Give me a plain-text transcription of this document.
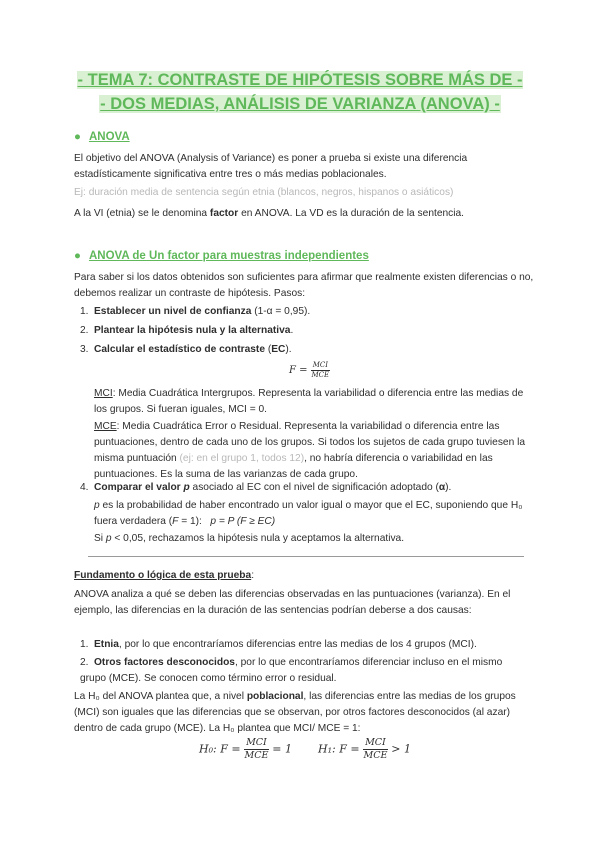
- TEMA 7: CONTRASTE DE HIPÓTESIS SOBRE MÁS DE -
- DOS MEDIAS, ANÁLISIS DE VARIANZA (ANOVA) -
● ANOVA
El objetivo del ANOVA (Analysis of Variance) es poner a prueba si existe una diferencia estadísticamente significativa entre tres o más medias poblacionales.
Ej: duración media de sentencia según etnia (blancos, negros, hispanos o asiáticos)
A la VI (etnia) se le denomina factor en ANOVA. La VD es la duración de la sentencia.
● ANOVA de Un factor para muestras independientes
Para saber si los datos obtenidos son suficientes para afirmar que realmente existen diferencias o no, debemos realizar un contraste de hipótesis. Pasos:
1. Establecer un nivel de confianza (1-α = 0,95).
2. Plantear la hipótesis nula y la alternativa.
3. Calcular el estadístico de contraste (EC).
$F = \frac{\text{MCI}}{\text{MCE}}$
MCI: Media Cuadrática Intergrupos. Representa la variabilidad o diferencia entre las medias de los grupos. Si fueran iguales, MCI = 0.
MCE: Media Cuadrática Error o Residual. Representa la variabilidad o diferencia entre las puntuaciones, dentro de cada uno de los grupos. Si todos los sujetos de cada grupo tuviesen la misma puntuación (ej: en el grupo 1, todos 12), no habría diferencia o variabilidad en las puntuaciones. Es la suma de las varianzas de cada grupo.
4. Comparar el valor p asociado al EC con el nivel de significación adoptado (α).
p es la probabilidad de haber encontrado un valor igual o mayor que el EC, suponiendo que H₀ fuera verdadera (F = 1): p = P (F ≥ EC)
Si p < 0,05, rechazamos la hipótesis nula y aceptamos la alternativa.
Fundamento o lógica de esta prueba:
ANOVA analiza a qué se deben las diferencias observadas en las puntuaciones (varianza). En el ejemplo, las diferencias en la duración de las sentencias podrían deberse a dos causas:
1. Etnia, por lo que encontraríamos diferencias entre las medias de los 4 grupos (MCI).
2. Otros factores desconocidos, por lo que encontraríamos diferenciar incluso en el mismo grupo (MCE). Se conocen como término error o residual.
La H₀ del ANOVA plantea que, a nivel poblacional, las diferencias entre las medias de los grupos (MCI) son iguales que las diferencias que se observan, por otros factores desconocidos (al azar) dentro de cada grupo (MCE). La H₀ plantea que MCI/ MCE = 1:
H₀: $F = \frac{\text{MCI}}{\text{MCE}} = 1$ H₁: $F = \frac{\text{MCI}}{\text{MCE}} > 1$
